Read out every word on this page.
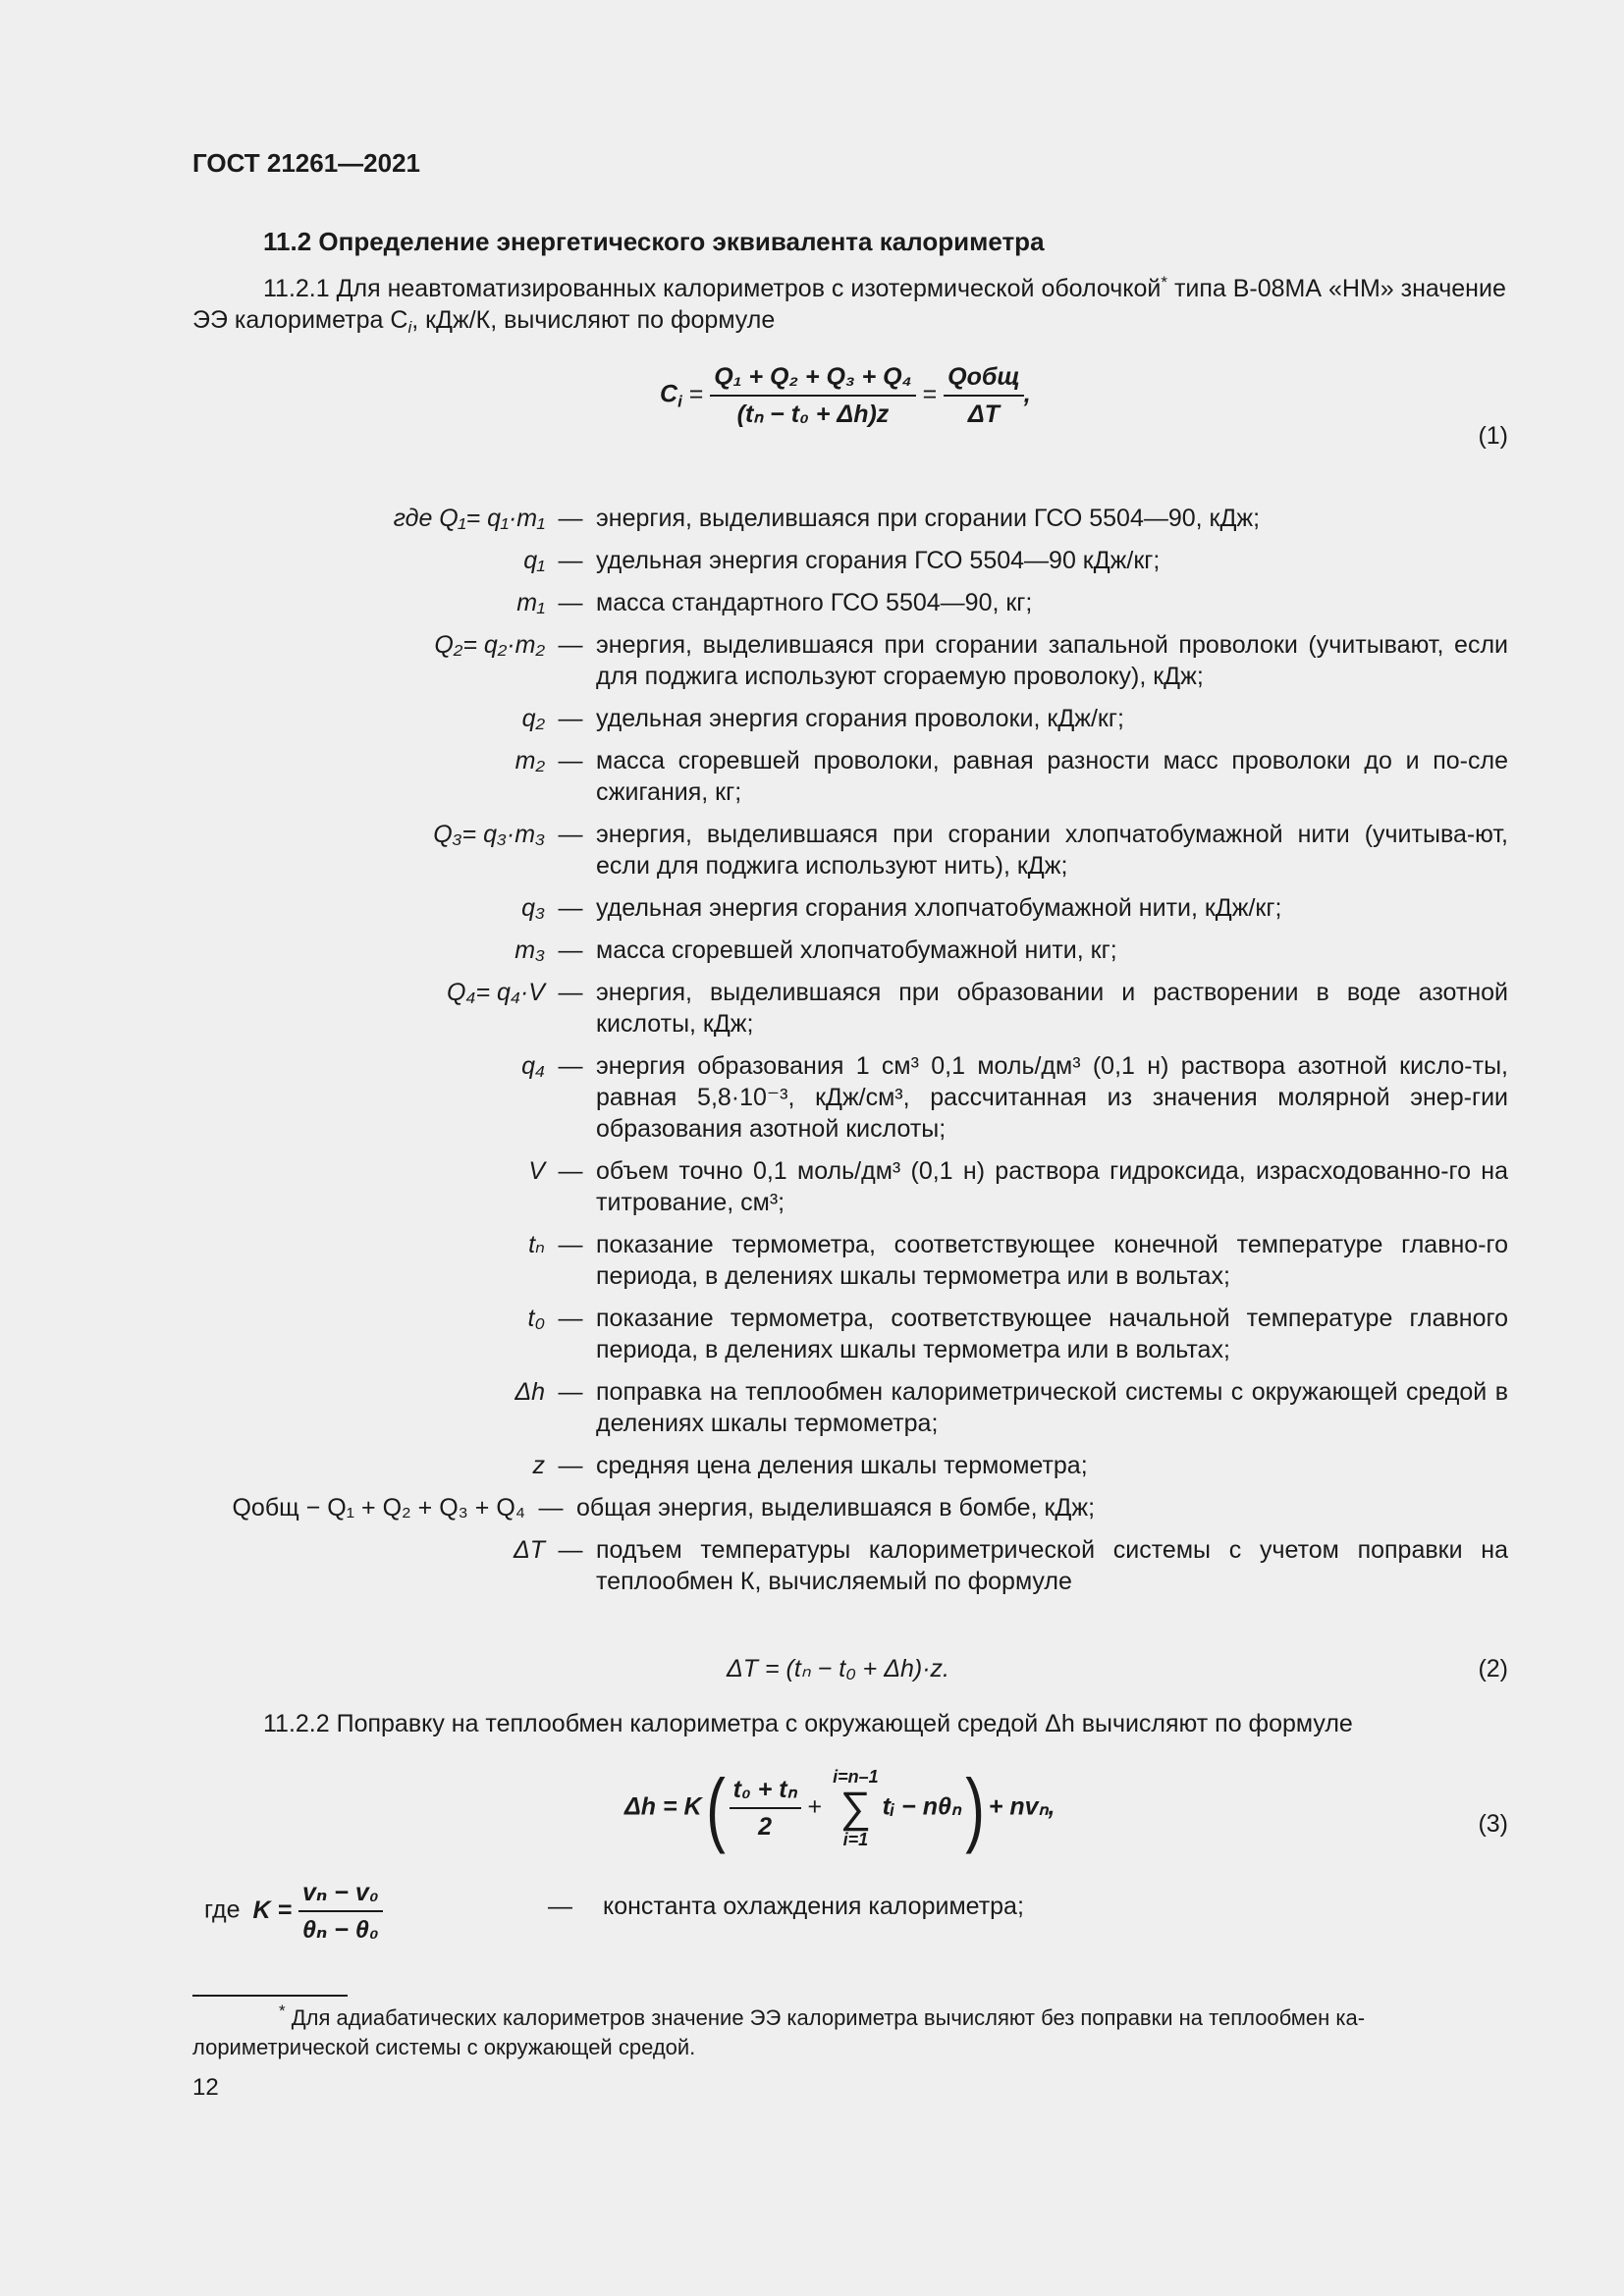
ГОСТ 21261—2021
11.2 Определение энергетического эквивалента калориметра
11.2.1 Для неавтоматизированных калориметров с изотермической оболочкой* типа В-08МА «НМ» значение ЭЭ калориметра $С_i$, кДж/К, вычисляют по формуле
$C_i = \frac{\text{Q₁ + Q₂ + Q₃ + Q₄}}{\text{(tₙ − t₀ + Δh)z}} = \frac{\text{Qобщ}}{\Delta T}$ ,
(1)
где Q₁= q₁·m₁ — энергия, выделившаяся при сгорании ГСО 5504—90, кДж;
q₁ — удельная энергия сгорания ГСО 5504—90 кДж/кг;
m₁ — масса стандартного ГСО 5504—90, кг;
Q₂= q₂·m₂ — энергия, выделившаяся при сгорании запальной проволоки (учитывают, если для поджига используют сгораемую проволоку), кДж;
q₂ — удельная энергия сгорания проволоки, кДж/кг;
m₂ — масса сгоревшей проволоки, равная разности масс проволоки до и по-сле сжигания, кг;
Q₃= q₃·m₃ — энергия, выделившаяся при сгорании хлопчатобумажной нити (учитыва-ют, если для поджига используют нить), кДж;
q₃ — удельная энергия сгорания хлопчатобумажной нити, кДж/кг;
m₃ — масса сгоревшей хлопчатобумажной нити, кг;
Q₄= q₄·V — энергия, выделившаяся при образовании и растворении в воде азотной кислоты, кДж;
q₄ — энергия образования 1 см³ 0,1 моль/дм³ (0,1 н) раствора азотной кисло-ты, равная 5,8·10⁻³, кДж/см³, рассчитанная из значения молярной энер-гии образования азотной кислоты;
V — объем точно 0,1 моль/дм³ (0,1 н) раствора гидроксида, израсходованно-го на титрование, см³;
tₙ — показание термометра, соответствующее конечной температуре главно-го периода, в делениях шкалы термометра или в вольтах;
t₀ — показание термометра, соответствующее начальной температуре главного периода, в делениях шкалы термометра или в вольтах;
Δh — поправка на теплообмен калориметрической системы с окружающей средой в делениях шкалы термометра;
z — средняя цена деления шкалы термометра;
Qобщ − Q₁ + Q₂ + Q₃ + Q₄ — общая энергия, выделившаяся в бомбе, кДж;
ΔT — подъем температуры калориметрической системы с учетом поправки на теплообмен К, вычисляемый по формуле
ΔT = (tₙ − t₀ + Δh)·z.	(2)
11.2.2 Поправку на теплообмен калориметра с окружающей средой Δh вычисляют по формуле
$\Delta h = K( \frac{\text{t₀ + tₙ}}{2}$ +
i=n–1
∑
i=1
tᵢ − nθₙ) + nvₙ,
(3)
где $K = \frac{\text{vₙ − v₀}}{\text{θₙ − θ₀}}$	— константа охлаждения калориметра;
* Для адиабатических калориметров значение ЭЭ калориметра вычисляют без поправки на теплообмен ка-лориметрической системы с окружающей средой.
12
